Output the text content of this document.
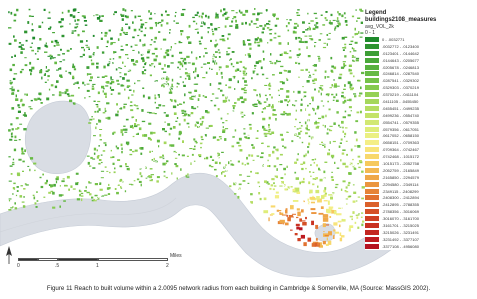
0	.5	1	2
Miles
Legend
buildings2108_measures
avg_VOL_2k
0 - 1
0 - .0032771
.0032772 - .0123400
.0123401 - .0144642
.0144643 - .0205677
.0205678 - .0246813
.0246814 - .0287540
.0287541 - .0329302
.0329303 - .0370219
.0370219 - .0411104
.0411105 - .0455450
.0455451 - .0499235
.0499236 - .0554740
.0554741 - .0579355
.0579356 - .0617051
.0617052 - .0658150
.0658151 - .0709363
.0709364 - .0742467
.0742468 - .1015172
.1015173 - .2052758
.2052759 - .2165849
.2165850 - .2294579
.2294580 - .2349114
.2349115 - .2408299
.2408300 - .2412894
.2412895 - .2788355
.2788356 - .3016069
.3016070 - .3161700
.3161701 - .3215025
.3215026 - .3231491
.3231492 - .3377107
.3377108 - .4956080
Figure 11 Reach to built volume within a 2.0095 network radius from each building in Cambridge & Somerville, MA (Source: MassGIS 2002).
